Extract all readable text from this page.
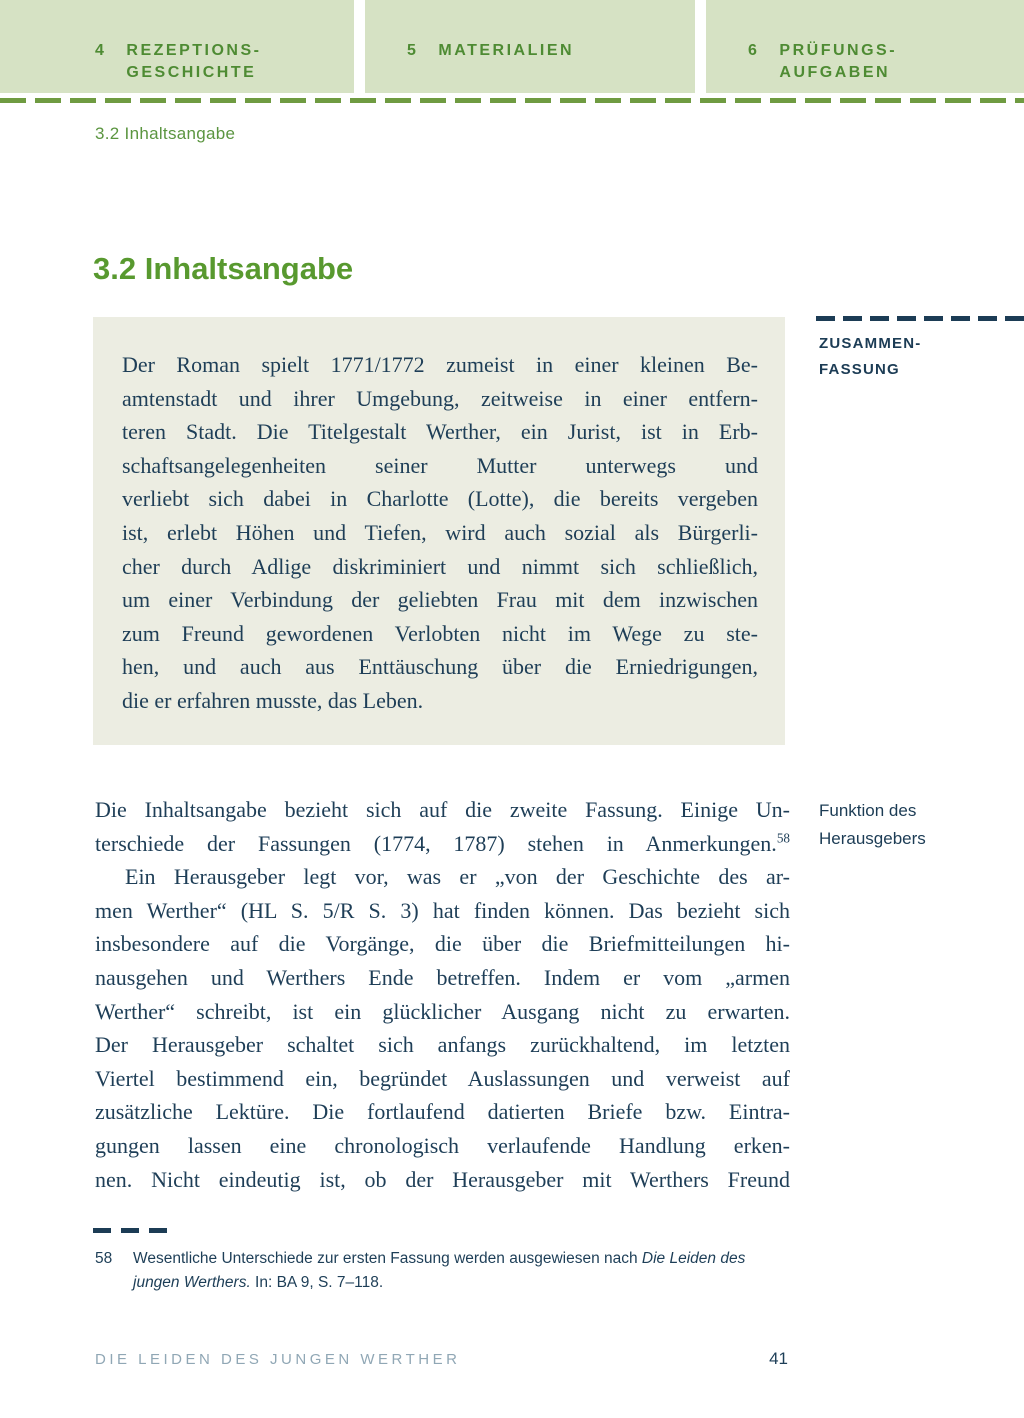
4 REZEPTIONS-
GESCHICHTE
5 MATERIALIEN	6 PRÜFUNGS-
AUFGABEN
3.2 Inhaltsangabe
3.2 Inhaltsangabe
Der Roman spielt 1771/1772 zumeist in einer kleinen Be-
amtenstadt und ihrer Umgebung, zeitweise in einer entfern-
teren Stadt. Die Titelgestalt Werther, ein Jurist, ist in Erb-
schaftsangelegenheiten seiner Mutter unterwegs und
verliebt sich dabei in Charlotte (Lotte), die bereits vergeben
ist, erlebt Höhen und Tiefen, wird auch sozial als Bürgerli-
cher durch Adlige diskriminiert und nimmt sich schließlich,
um einer Verbindung der geliebten Frau mit dem inzwischen
zum Freund gewordenen Verlobten nicht im Wege zu ste-
hen, und auch aus Enttäuschung über die Erniedrigungen,
die er erfahren musste, das Leben.
ZUSAMMEN-
FASSUNG
Funktion des
Herausgebers
Die Inhaltsangabe bezieht sich auf die zweite Fassung. Einige Un-
terschiede der Fassungen (1774, 1787) stehen in Anmerkungen.$^{58}$
Ein Herausgeber legt vor, was er „von der Geschichte des ar-
men Werther“ (HL S. 5/R S. 3) hat finden können. Das bezieht sich
insbesondere auf die Vorgänge, die über die Briefmitteilungen hi-
nausgehen und Werthers Ende betreffen. Indem er vom „armen
Werther“ schreibt, ist ein glücklicher Ausgang nicht zu erwarten.
Der Herausgeber schaltet sich anfangs zurückhaltend, im letzten
Viertel bestimmend ein, begründet Auslassungen und verweist auf
zusätzliche Lektüre. Die fortlaufend datierten Briefe bzw. Eintra-
gungen lassen eine chronologisch verlaufende Handlung erken-
nen. Nicht eindeutig ist, ob der Herausgeber mit Werthers Freund
58	Wesentliche Unterschiede zur ersten Fassung werden ausgewiesen nach Die Leiden des jungen Werthers. In: BA 9, S. 7–118.
DIE LEIDEN DES JUNGEN WERTHER	41
